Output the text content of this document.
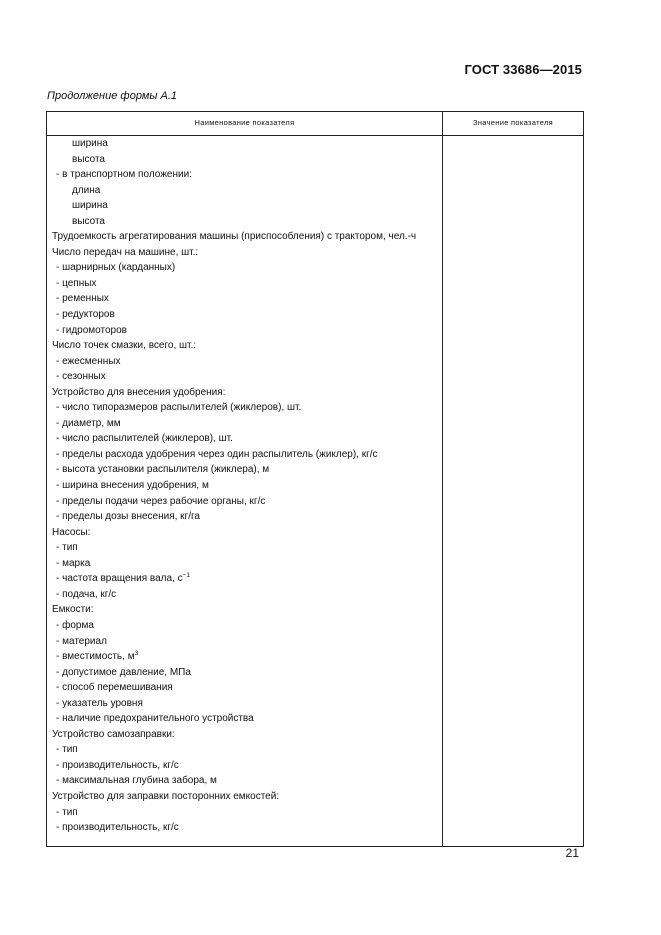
ГОСТ 33686—2015
Продолжение формы А.1
Наименование показателя	Значение показателя
ширина
высота
- в транспортном положении:
длина
ширина
высота
Трудоемкость агрегатирования машины (приспособления) с трактором, чел.-ч
Число передач на машине, шт.:
- шарнирных (карданных)
- цепных
- ременных
- редукторов
- гидромоторов
Число точек смазки, всего, шт.:
- ежесменных
- сезонных
Устройство для внесения удобрения:
- число типоразмеров распылителей (жиклеров), шт.
- диаметр, мм
- число распылителей (жиклеров), шт.
- пределы расхода удобрения через один распылитель (жиклер), кг/с
- высота установки распылителя (жиклера), м
- ширина внесения удобрения, м
- пределы подачи через рабочие органы, кг/с
- пределы дозы внесения, кг/га
Насосы:
- тип
- марка
- частота вращения вала, $с^{-1}$
- подача, кг/с
Емкости:
- форма
- материал
- вместимость, $м^3$
- допустимое давление, МПа
- способ перемешивания
- указатель уровня
- наличие предохранительного устройства
Устройство самозаправки:
- тип
- производительность, кг/с
- максимальная глубина забора, м
Устройство для заправки посторонних емкостей:
- тип
- производительность, кг/с
21
